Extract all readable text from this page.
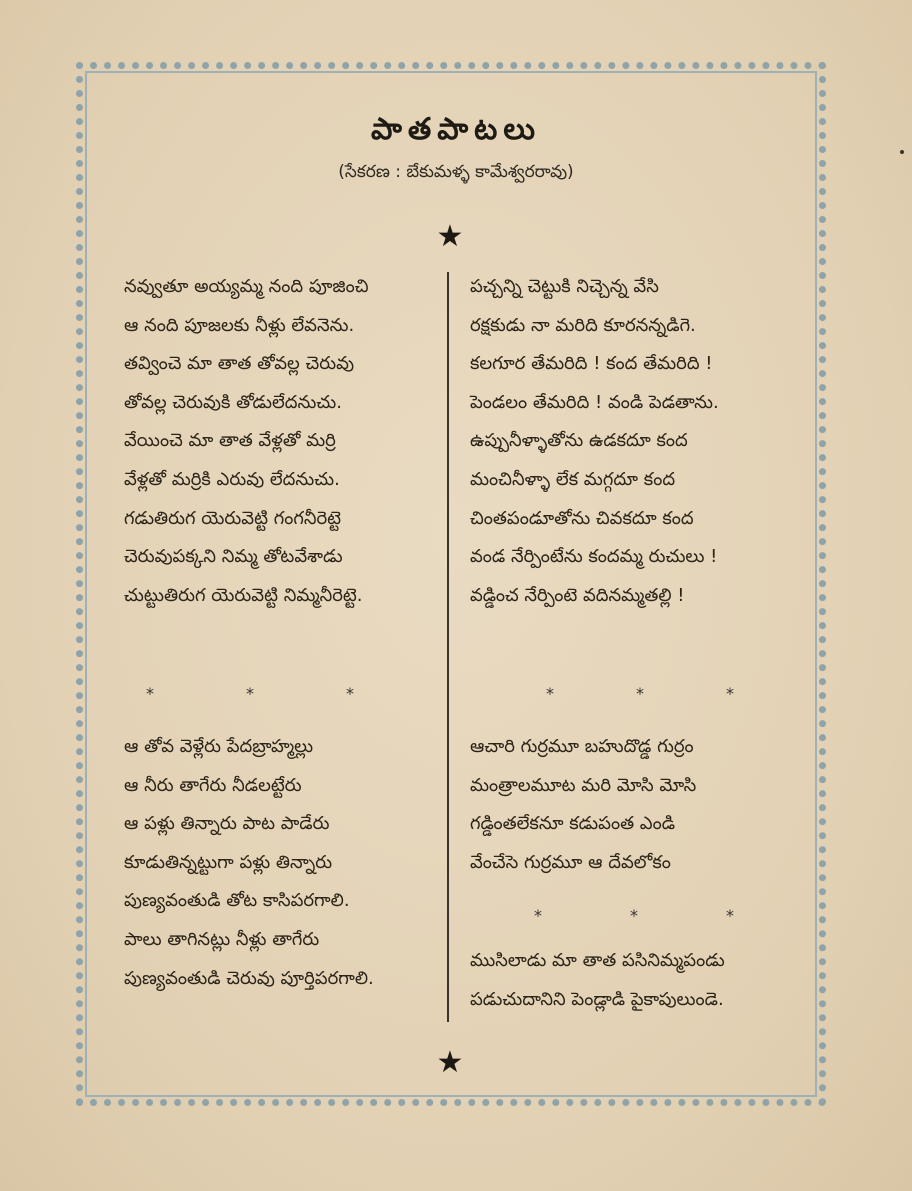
పాతపాటలు
(సేకరణ : బేకుమళ్ళ కామేశ్వరరావు)
★

నవ్వుతూ అయ్యమ్మ నంది పూజించి

ఆ నంది పూజలకు నీళ్లు లేవనెను.

తవ్వించె మా తాత తోవల్ల చెరువు

తోవల్ల చెరువుకి తోడులేదనుచు.

వేయించె మా తాత వేళ్లతో మర్రి

వేళ్లతో మర్రికి ఎరువు లేదనుచు.

గడుతిరుగ యెరువెట్టి గంగనీరెట్టె

చెరువుపక్కని నిమ్మ తోటవేశాడు

చుట్టుతిరుగ యెరువెట్టి నిమ్మనీరెట్టె.

*	*	*

ఆ తోవ వెళ్లేరు పేదబ్రాహ్మల్లు

ఆ నీరు తాగేరు నీడలట్టేరు

ఆ పళ్లు తిన్నారు పాట పాడేరు

కూడుతిన్నట్టుగా పళ్లు తిన్నారు

పుణ్యవంతుడి తోట కాసిపరగాలి.

పాలు తాగినట్లు నీళ్లు తాగేరు

పుణ్యవంతుడి చెరువు పూర్తిపరగాలి.

పచ్చన్ని చెట్టుకి నిచ్చెన్న వేసి

రక్షకుడు నా మరిది కూరనన్నడిగె.

కలగూర తేమరిది ! కంద తేమరిది !

పెండలం తేమరిది ! వండి పెడతాను.

ఉప్పునీళ్ళాతోను ఉడకదూ కంద

మంచినీళ్ళా లేక మగ్గదూ కంద

చింతపండూతోను చివకదూ కంద

వండ నేర్పింటేను కందమ్మ రుచులు !

వడ్డించ నేర్పింటె వదినమ్మతల్లి !

*	*	*

ఆచారి గుర్రమూ బహుదొడ్డ గుర్రం

మంత్రాలమూట మరి మోసి మోసి

గడ్డింతలేకనూ కడుపంత ఎండి

వేంచేసె గుర్రమూ ఆ దేవలోకం

*	*	*

ముసిలాడు మా తాత పసినిమ్మపండు

పడుచుదానిని పెండ్లాడి పైకాపులుండె.

★
